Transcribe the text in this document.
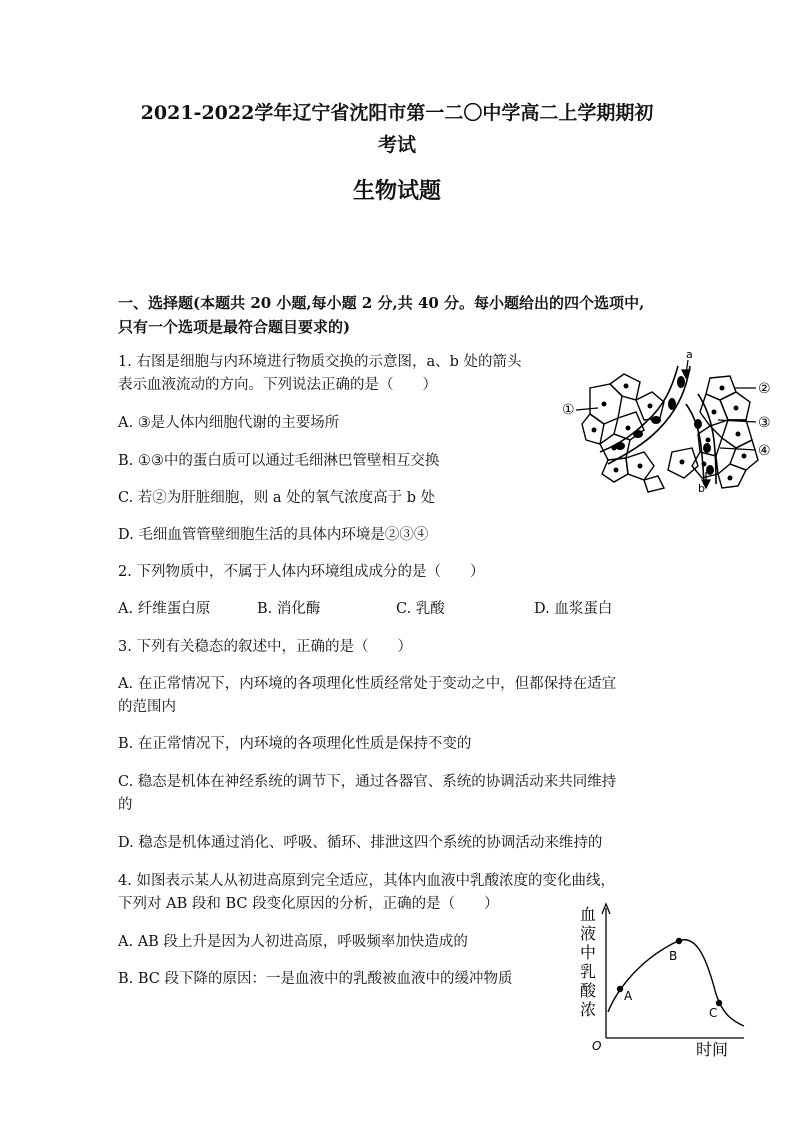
2021-2022学年辽宁省沈阳市第一二〇中学高二上学期期初
考试
生物试题
一、选择题(本题共 20 小题,每小题 2 分,共 40 分。每小题给出的四个选项中,
只有一个选项是最符合题目要求的)
1. 右图是细胞与内环境进行物质交换的示意图，a、b 处的箭头
表示血液流动的方向。下列说法正确的是（　　）
A. ③是人体内细胞代谢的主要场所
B. ①③中的蛋白质可以通过毛细淋巴管壁相互交换
C. 若②为肝脏细胞，则 a 处的氧气浓度高于 b 处
D. 毛细血管管壁细胞生活的具体内环境是②③④
a
b
①
②
③
④
2. 下列物质中，不属于人体内环境组成成分的是（　　）
A. 纤维蛋白原	B. 消化酶	C. 乳酸	D. 血浆蛋白
3. 下列有关稳态的叙述中，正确的是（　　）
A. 在正常情况下，内环境的各项理化性质经常处于变动之中，但都保持在适宜
的范围内
B. 在正常情况下，内环境的各项理化性质是保持不变的
C. 稳态是机体在神经系统的调节下，通过各器官、系统的协调活动来共同维持
的
D. 稳态是机体通过消化、呼吸、循环、排泄这四个系统的协调活动来维持的
4. 如图表示某人从初进高原到完全适应，其体内血液中乳酸浓度的变化曲线，
下列对 AB 段和 BC 段变化原因的分析，正确的是（　　）
A. AB 段上升是因为人初进高原，呼吸频率加快造成的
B. BC 段下降的原因：一是血液中的乳酸被血液中的缓冲物质
血
液
中
乳
酸
浓
A
B
C
O	时间
